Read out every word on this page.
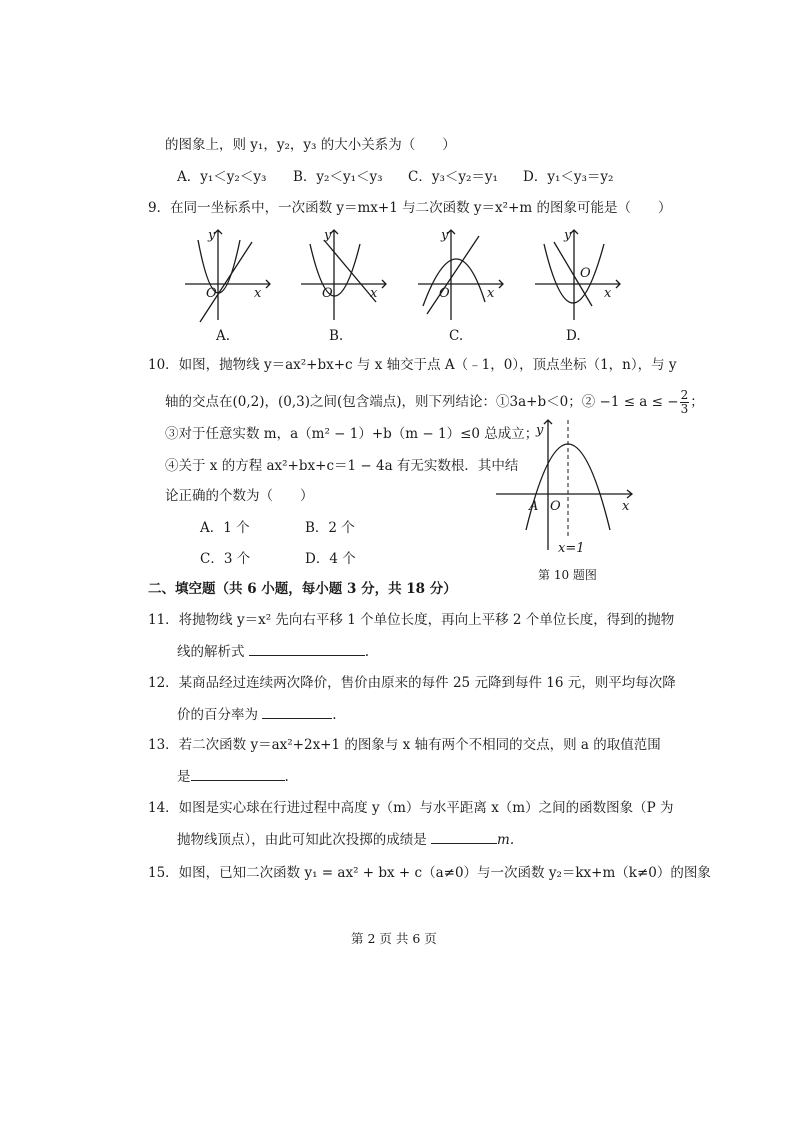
的图象上，则 y₁，y₂，y₃ 的大小关系为（　　）
A．y₁＜y₂＜y₃ B．y₂＜y₁＜y₃ C．y₃＜y₂＝y₁ D．y₁＜y₃＝y₂
9．在同一坐标系中，一次函数 y＝mx+1 与二次函数 y＝x²+m 的图象可能是（　　）
y
x
O
y
x
O
y
x
O
y
x
O
A.	B.	C.	D.
10．如图，抛物线 y＝ax²+bx+c 与 x 轴交于点 A（﹣1，0），顶点坐标（1，n），与 y
轴的交点在(0,2)，(0,3)之间(包含端点)，则下列结论：①3a+b＜0；② −1 ≤ a ≤ − $\frac{2}{3}$ ；
③对于任意实数 m，a（m² − 1）+b（m − 1）≤0 总成立；
④关于 x 的方程 ax²+bx+c＝1 − 4a 有无实数根．其中结
论正确的个数为（　　）
A．1 个	B．2 个
C．3 个	D．4 个
y
x
A O
x=1
第 10 题图
二、填空题（共 6 小题，每小题 3 分，共 18 分）
11．将抛物线 y＝x² 先向右平移 1 个单位长度，再向上平移 2 个单位长度，得到的抛物
线的解析式	.
12．某商品经过连续两次降价，售价由原来的每件 25 元降到每件 16 元，则平均每次降
价的百分率为	.
13．若二次函数 y＝ax²+2x+1 的图象与 x 轴有两个不相同的交点，则 a 的取值范围
是	.
14．如图是实心球在行进过程中高度 y（m）与水平距离 x（m）之间的函数图象（P 为
抛物线顶点），由此可知此次投掷的成绩是	m.
15．如图，已知二次函数 y₁ = ax² + bx + c（a≠0）与一次函数 y₂＝kx+m（k≠0）的图象
第 2 页 共 6 页
